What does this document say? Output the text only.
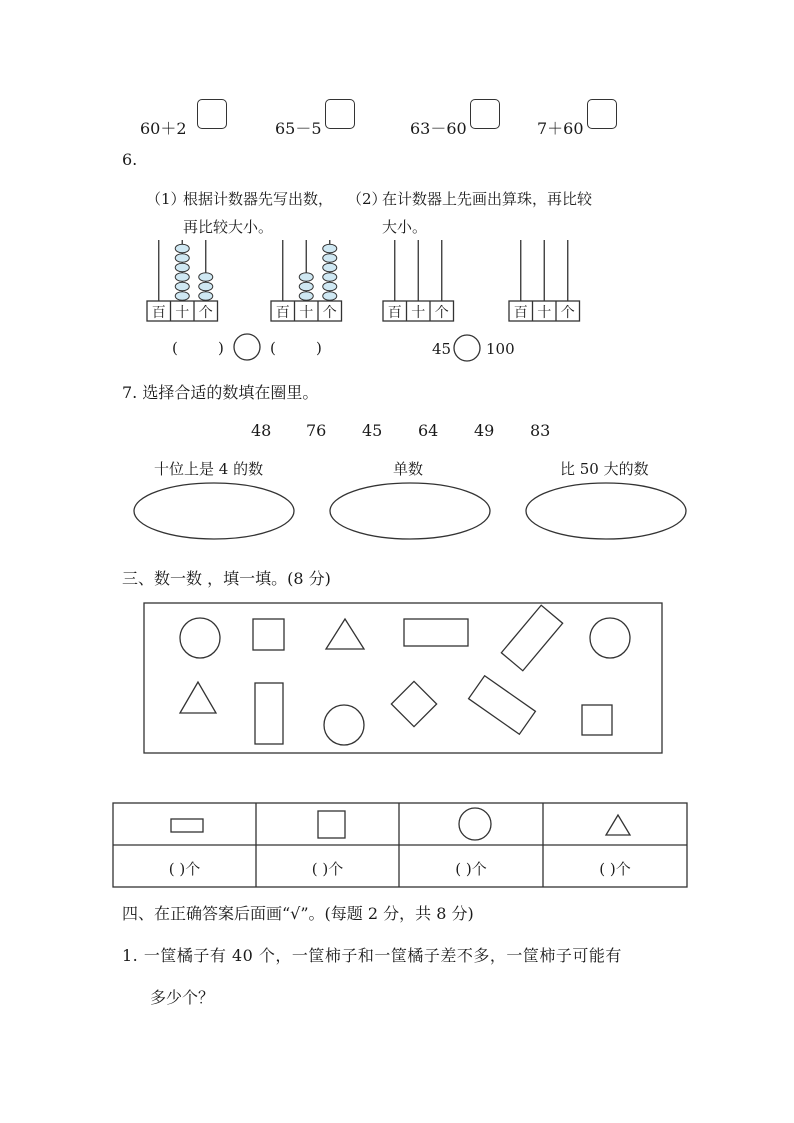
60＋2	65－5	63－60	7＋60
6.
（1）
根据计数器先写出数，
再比较大小。
（2）
在计数器上先画出算珠，再比较
大小。
百 十 个	百 十 个	百 十 个	百 十 个
(	)	(	)	45 100
7. 选择合适的数填在圈里。
48 76 45 64 49 83
十位上是 4 的数	单数	比 50 大的数
三、数一数 ，填一填。(8 分)
( )个	( )个	( )个	( )个
四、在正确答案后面画“√”。(每题 2 分，共 8 分)
1. 一筐橘子有 40 个，一筐柿子和一筐橘子差不多，一筐柿子可能有
多少个？
